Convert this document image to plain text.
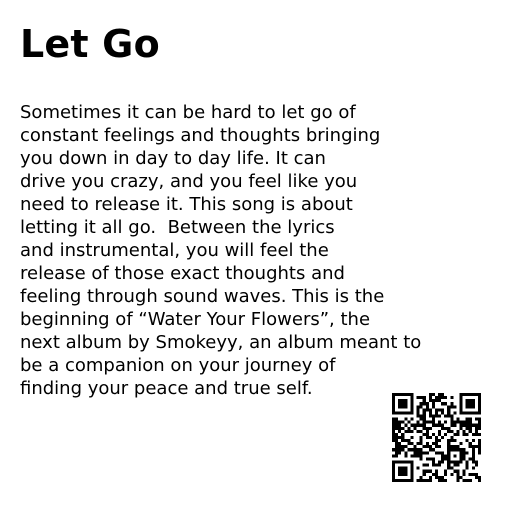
Let Go
Sometimes it can be hard to let go of
constant feelings and thoughts bringing
you down in day to day life. It can
drive you crazy, and you feel like you
need to release it. This song is about
letting it all go.  Between the lyrics
and instrumental, you will feel the
release of those exact thoughts and
feeling through sound waves. This is the
beginning of “Water Your Flowers”, the
next album by Smokeyy, an album meant to
be a companion on your journey of
finding your peace and true self.
